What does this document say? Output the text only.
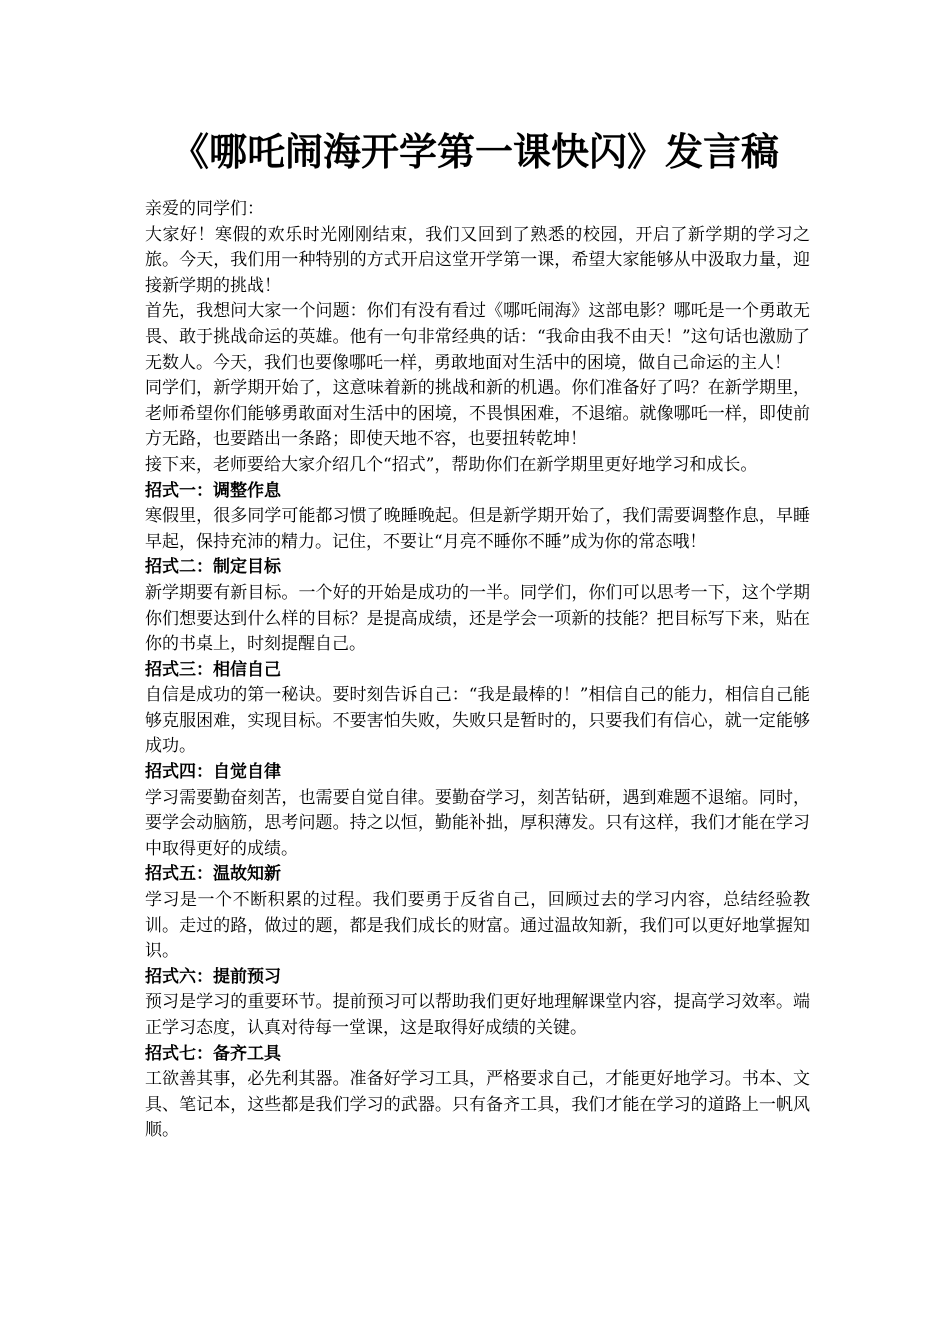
《哪吒闹海开学第一课快闪》发言稿

亲爱的同学们：

大家好！寒假的欢乐时光刚刚结束，我们又回到了熟悉的校园，开启了新学期的学习之旅。今天，我们用一种特别的方式开启这堂开学第一课，希望大家能够从中汲取力量，迎接新学期的挑战！

首先，我想问大家一个问题：你们有没有看过《哪吒闹海》这部电影？哪吒是一个勇敢无畏、敢于挑战命运的英雄。他有一句非常经典的话：“我命由我不由天！”这句话也激励了无数人。今天，我们也要像哪吒一样，勇敢地面对生活中的困境，做自己命运的主人！

同学们，新学期开始了，这意味着新的挑战和新的机遇。你们准备好了吗？在新学期里，老师希望你们能够勇敢面对生活中的困境，不畏惧困难，不退缩。就像哪吒一样，即使前方无路，也要踏出一条路；即使天地不容，也要扭转乾坤！

接下来，老师要给大家介绍几个“招式”，帮助你们在新学期里更好地学习和成长。

招式一：调整作息

寒假里，很多同学可能都习惯了晚睡晚起。但是新学期开始了，我们需要调整作息，早睡早起，保持充沛的精力。记住，不要让“月亮不睡你不睡”成为你的常态哦！

招式二：制定目标

新学期要有新目标。一个好的开始是成功的一半。同学们，你们可以思考一下，这个学期你们想要达到什么样的目标？是提高成绩，还是学会一项新的技能？把目标写下来，贴在你的书桌上，时刻提醒自己。

招式三：相信自己

自信是成功的第一秘诀。要时刻告诉自己：“我是最棒的！”相信自己的能力，相信自己能够克服困难，实现目标。不要害怕失败，失败只是暂时的，只要我们有信心，就一定能够成功。

招式四：自觉自律

学习需要勤奋刻苦，也需要自觉自律。要勤奋学习，刻苦钻研，遇到难题不退缩。同时，要学会动脑筋，思考问题。持之以恒，勤能补拙，厚积薄发。只有这样，我们才能在学习中取得更好的成绩。

招式五：温故知新

学习是一个不断积累的过程。我们要勇于反省自己，回顾过去的学习内容，总结经验教训。走过的路，做过的题，都是我们成长的财富。通过温故知新，我们可以更好地掌握知识。

招式六：提前预习

预习是学习的重要环节。提前预习可以帮助我们更好地理解课堂内容，提高学习效率。端正学习态度，认真对待每一堂课，这是取得好成绩的关键。

招式七：备齐工具

工欲善其事，必先利其器。准备好学习工具，严格要求自己，才能更好地学习。书本、文具、笔记本，这些都是我们学习的武器。只有备齐工具，我们才能在学习的道路上一帆风顺。
